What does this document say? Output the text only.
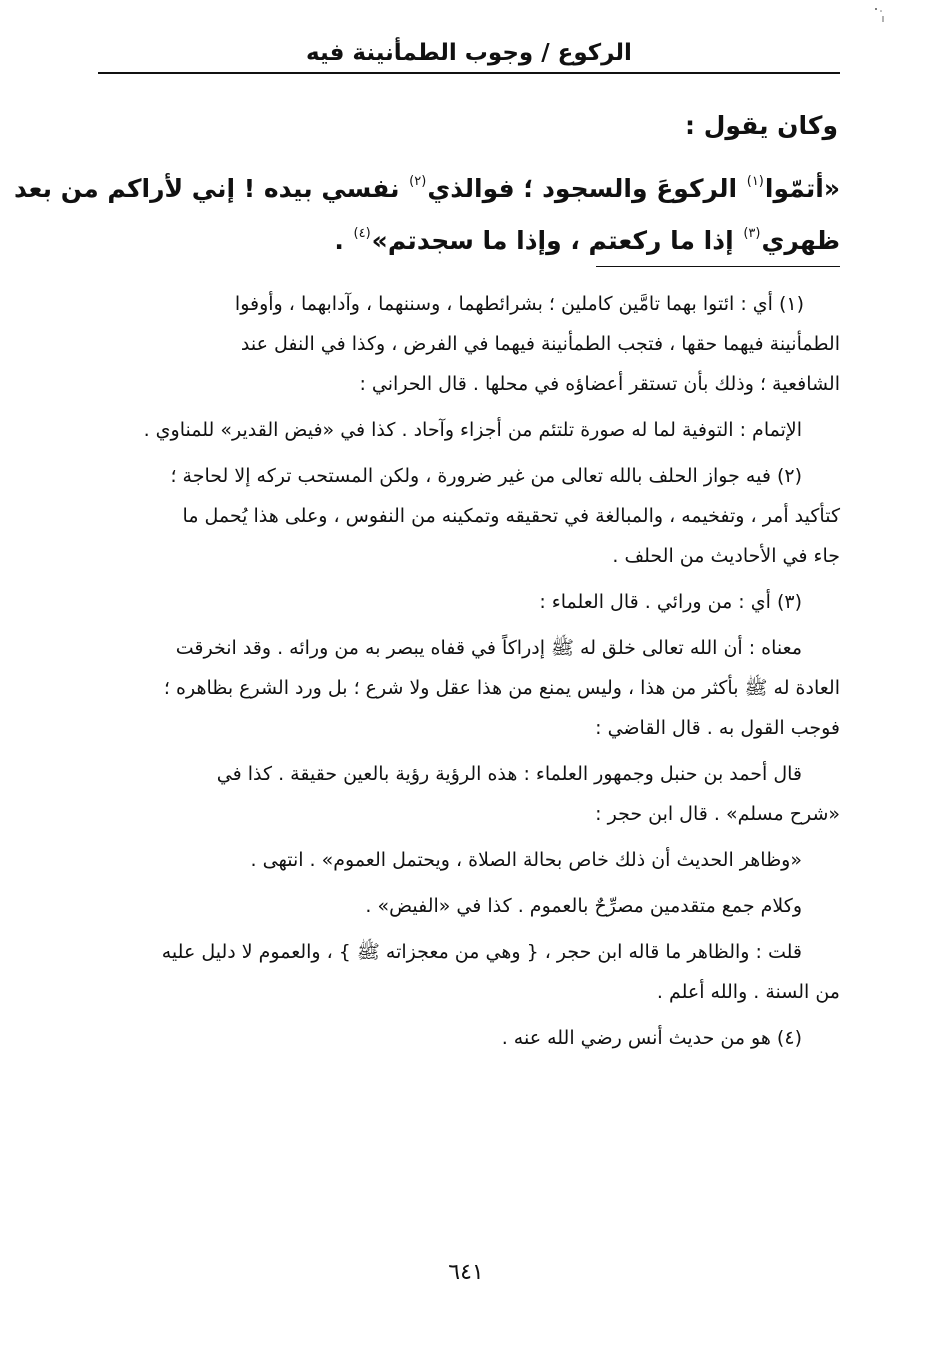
الركوع / وجوب الطمأنينة فيه
وكان يقول :
«أتمّوا$^{(١)}$ الركوعَ والسجود ؛ فوالذي$^{(٢)}$ نفسي بيده ! إني لأراكم من بعد
ظهري$^{(٣)}$ إذا ما ركعتم ، وإذا ما سجدتم»$^{(٤)}$ .
(١) أي : ائتوا بهما تامَّين كاملين ؛ بشرائطهما ، وسننهما ، وآدابهما ، وأوفوا
الطمأنينة فيهما حقها ، فتجب الطمأنينة فيهما في الفرض ، وكذا في النفل عند
الشافعية ؛ وذلك بأن تستقر أعضاؤه في محلها . قال الحراني :
الإتمام : التوفية لما له صورة تلتئم من أجزاء وآحاد . كذا في «فيض القدير» للمناوي .
(٢) فيه جواز الحلف بالله تعالى من غير ضرورة ، ولكن المستحب تركه إلا لحاجة ؛
كتأكيد أمر ، وتفخيمه ، والمبالغة في تحقيقه وتمكينه من النفوس ، وعلى هذا يُحمل ما
جاء في الأحاديث من الحلف .
(٣) أي : من ورائي . قال العلماء :
معناه : أن الله تعالى خلق له ﷺ إدراكاً في قفاه يبصر به من ورائه . وقد انخرقت
العادة له ﷺ بأكثر من هذا ، وليس يمنع من هذا عقل ولا شرع ؛ بل ورد الشرع بظاهره ؛
فوجب القول به . قال القاضي :
قال أحمد بن حنبل وجمهور العلماء : هذه الرؤية رؤية بالعين حقيقة . كذا في
«شرح مسلم» . قال ابن حجر :
«وظاهر الحديث أن ذلك خاص بحالة الصلاة ، ويحتمل العموم» . انتهى .
وكلام جمع متقدمين مصرِّحٌ بالعموم . كذا في «الفيض» .
قلت : والظاهر ما قاله ابن حجر ، { وهي من معجزاته ﷺ } ، والعموم لا دليل عليه
من السنة . والله أعلم .
(٤) هو من حديث أنس رضي الله عنه .
٦٤١
